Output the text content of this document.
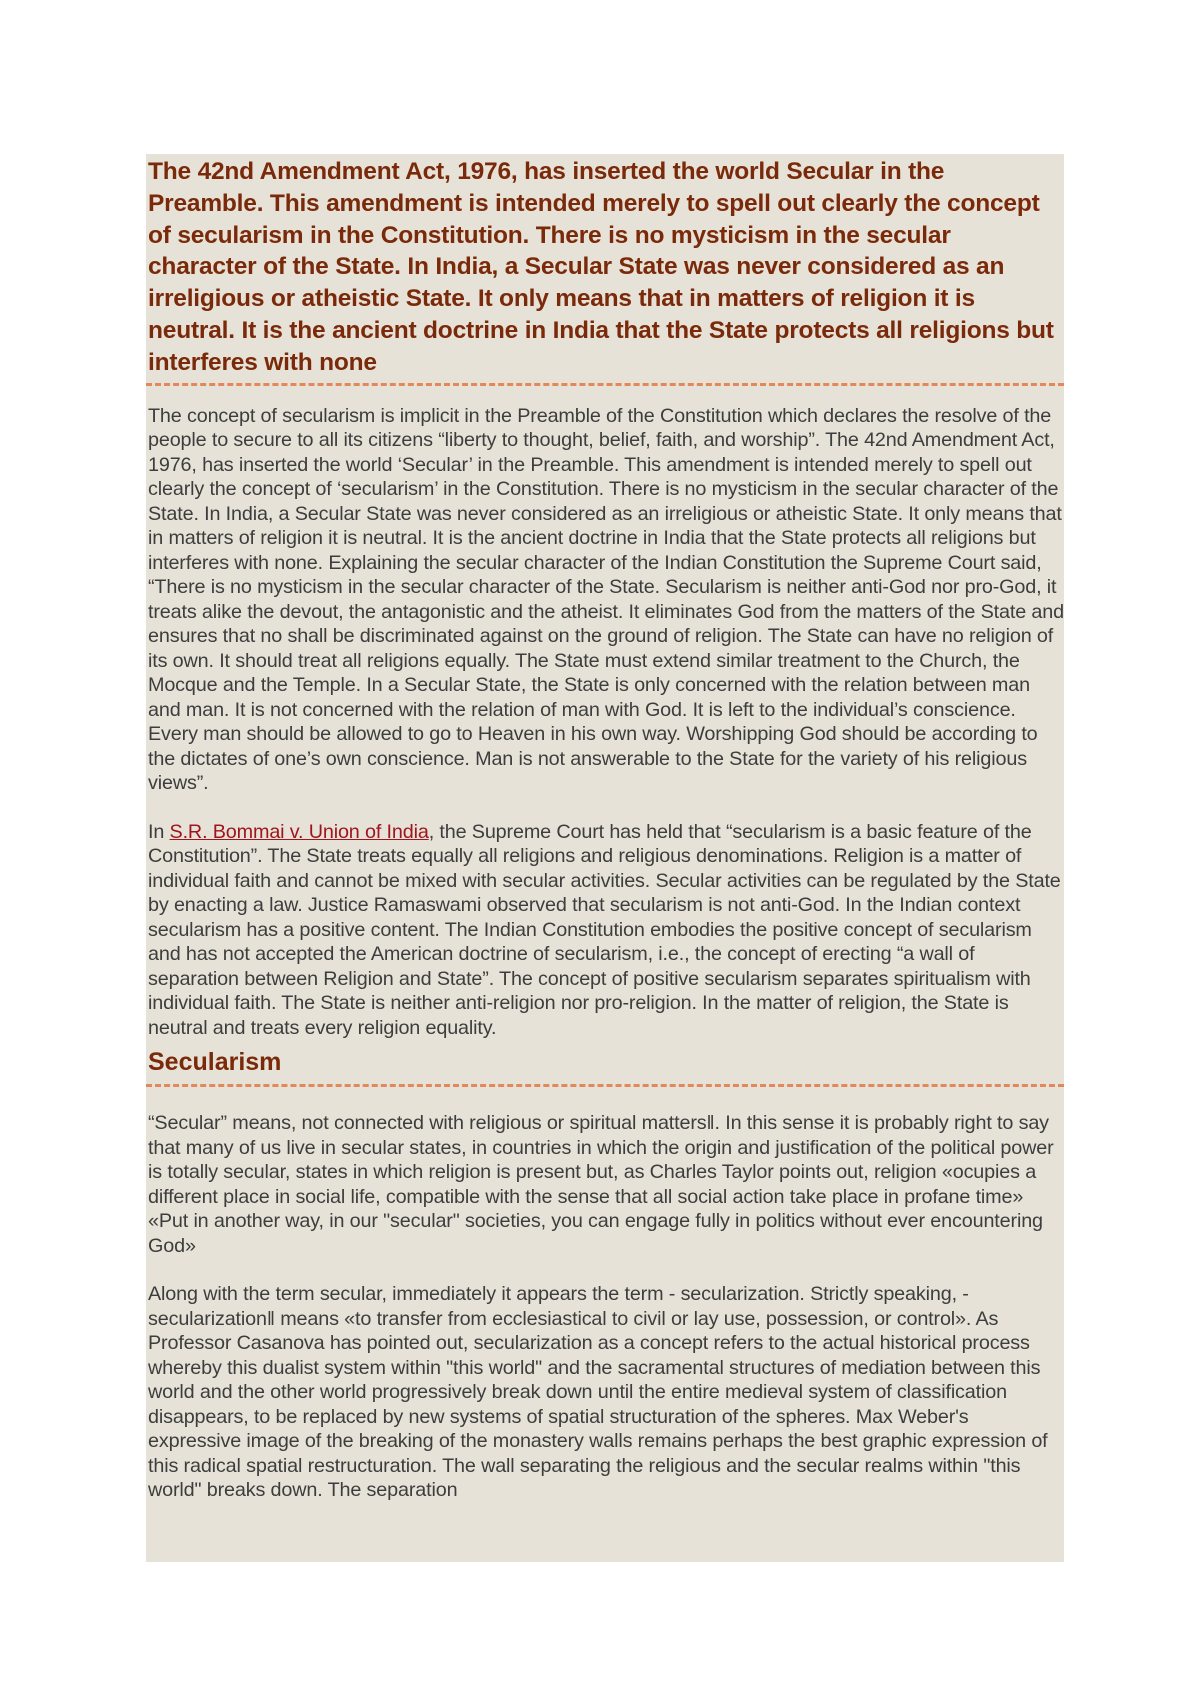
The 42nd Amendment Act, 1976, has inserted the world Secular in the Preamble. This amendment is intended merely to spell out clearly the concept of secularism in the Constitution. There is no mysticism in the secular character of the State. In India, a Secular State was never considered as an irreligious or atheistic State. It only means that in matters of religion it is neutral. It is the ancient doctrine in India that the State protects all religions but interferes with none

The concept of secularism is implicit in the Preamble of the Constitution which declares the resolve of the people to secure to all its citizens “liberty to thought, belief, faith, and worship”. The 42nd Amendment Act, 1976, has inserted the world ‘Secular’ in the Preamble. This amendment is intended merely to spell out clearly the concept of ‘secularism’ in the Constitution. There is no mysticism in the secular character of the State. In India, a Secular State was never considered as an irreligious or atheistic State. It only means that in matters of religion it is neutral. It is the ancient doctrine in India that the State protects all religions but interferes with none. Explaining the secular character of the Indian Constitution the Supreme Court said, “There is no mysticism in the secular character of the State. Secularism is neither anti-God nor pro-God, it treats alike the devout, the antagonistic and the atheist. It eliminates God from the matters of the State and ensures that no shall be discriminated against on the ground of religion. The State can have no religion of its own. It should treat all religions equally. The State must extend similar treatment to the Church, the Mocque and the Temple. In a Secular State, the State is only concerned with the relation between man and man. It is not concerned with the relation of man with God. It is left to the individual’s conscience. Every man should be allowed to go to Heaven in his own way. Worshipping God should be according to the dictates of one’s own conscience. Man is not answerable to the State for the variety of his religious views”.

In S.R. Bommai v. Union of India, the Supreme Court has held that “secularism is a basic feature of the Constitution”. The State treats equally all religions and religious denominations. Religion is a matter of individual faith and cannot be mixed with secular activities. Secular activities can be regulated by the State by enacting a law. Justice Ramaswami observed that secularism is not anti-God. In the Indian context secularism has a positive content. The Indian Constitution embodies the positive concept of secularism and has not accepted the American doctrine of secularism, i.e., the concept of erecting “a wall of separation between Religion and State”. The concept of positive secularism separates spiritualism with individual faith. The State is neither anti-religion nor pro-religion. In the matter of religion, the State is neutral and treats every religion equality.

Secularism

“Secular” means, not connected with religious or spiritual matters‖. In this sense it is probably right to say that many of us live in secular states, in countries in which the origin and justification of the political power is totally secular, states in which religion is present but, as Charles Taylor points out, religion «ocupies a different place in social life, compatible with the sense that all social action take place in profane time» «Put in another way, in our "secular" societies, you can engage fully in politics without ever encountering God»

Along with the term secular, immediately it appears the term - secularization. Strictly speaking, -secularization‖ means «to transfer from ecclesiastical to civil or lay use, possession, or control». As Professor Casanova has pointed out, secularization as a concept refers to the actual historical process whereby this dualist system within "this world" and the sacramental structures of mediation between this world and the other world progressively break down until the entire medieval system of classification disappears, to be replaced by new systems of spatial structuration of the spheres. Max Weber's expressive image of the breaking of the monastery walls remains perhaps the best graphic expression of this radical spatial restructuration. The wall separating the religious and the secular realms within "this world" breaks down. The separation
